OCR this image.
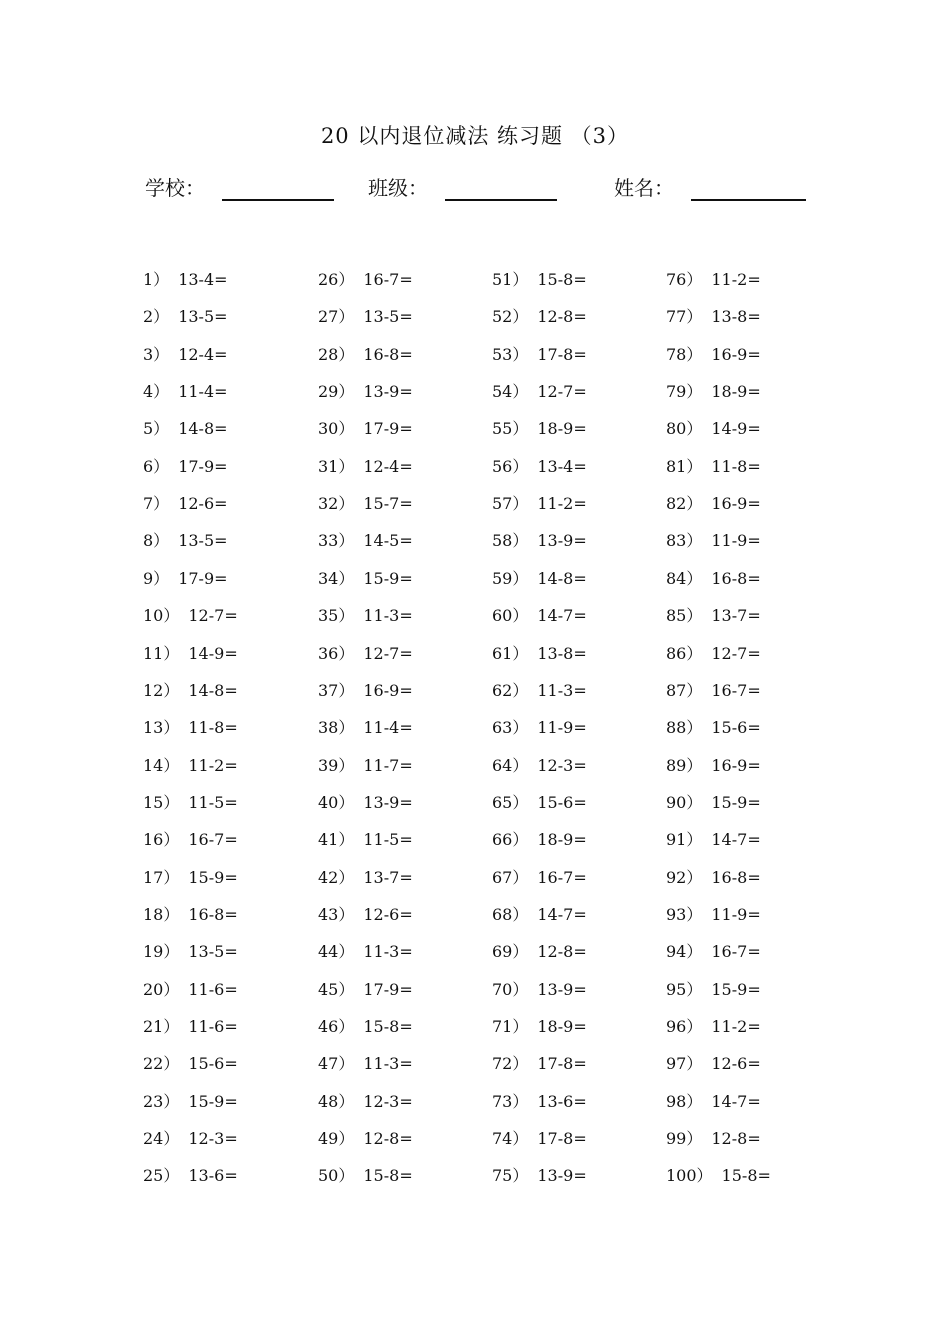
20 以内退位减法 练习题 （3）
学校：	班级：	姓名：
1） 13-4=
2） 13-5=
3） 12-4=
4） 11-4=
5） 14-8=
6） 17-9=
7） 12-6=
8） 13-5=
9） 17-9=
10） 12-7=
11） 14-9=
12） 14-8=
13） 11-8=
14） 11-2=
15） 11-5=
16） 16-7=
17） 15-9=
18） 16-8=
19） 13-5=
20） 11-6=
21） 11-6=
22） 15-6=
23） 15-9=
24） 12-3=
25） 13-6=
26） 16-7=
27） 13-5=
28） 16-8=
29） 13-9=
30） 17-9=
31） 12-4=
32） 15-7=
33） 14-5=
34） 15-9=
35） 11-3=
36） 12-7=
37） 16-9=
38） 11-4=
39） 11-7=
40） 13-9=
41） 11-5=
42） 13-7=
43） 12-6=
44） 11-3=
45） 17-9=
46） 15-8=
47） 11-3=
48） 12-3=
49） 12-8=
50） 15-8=
51） 15-8=
52） 12-8=
53） 17-8=
54） 12-7=
55） 18-9=
56） 13-4=
57） 11-2=
58） 13-9=
59） 14-8=
60） 14-7=
61） 13-8=
62） 11-3=
63） 11-9=
64） 12-3=
65） 15-6=
66） 18-9=
67） 16-7=
68） 14-7=
69） 12-8=
70） 13-9=
71） 18-9=
72） 17-8=
73） 13-6=
74） 17-8=
75） 13-9=
76） 11-2=
77） 13-8=
78） 16-9=
79） 18-9=
80） 14-9=
81） 11-8=
82） 16-9=
83） 11-9=
84） 16-8=
85） 13-7=
86） 12-7=
87） 16-7=
88） 15-6=
89） 16-9=
90） 15-9=
91） 14-7=
92） 16-8=
93） 11-9=
94） 16-7=
95） 15-9=
96） 11-2=
97） 12-6=
98） 14-7=
99） 12-8=
100） 15-8=
